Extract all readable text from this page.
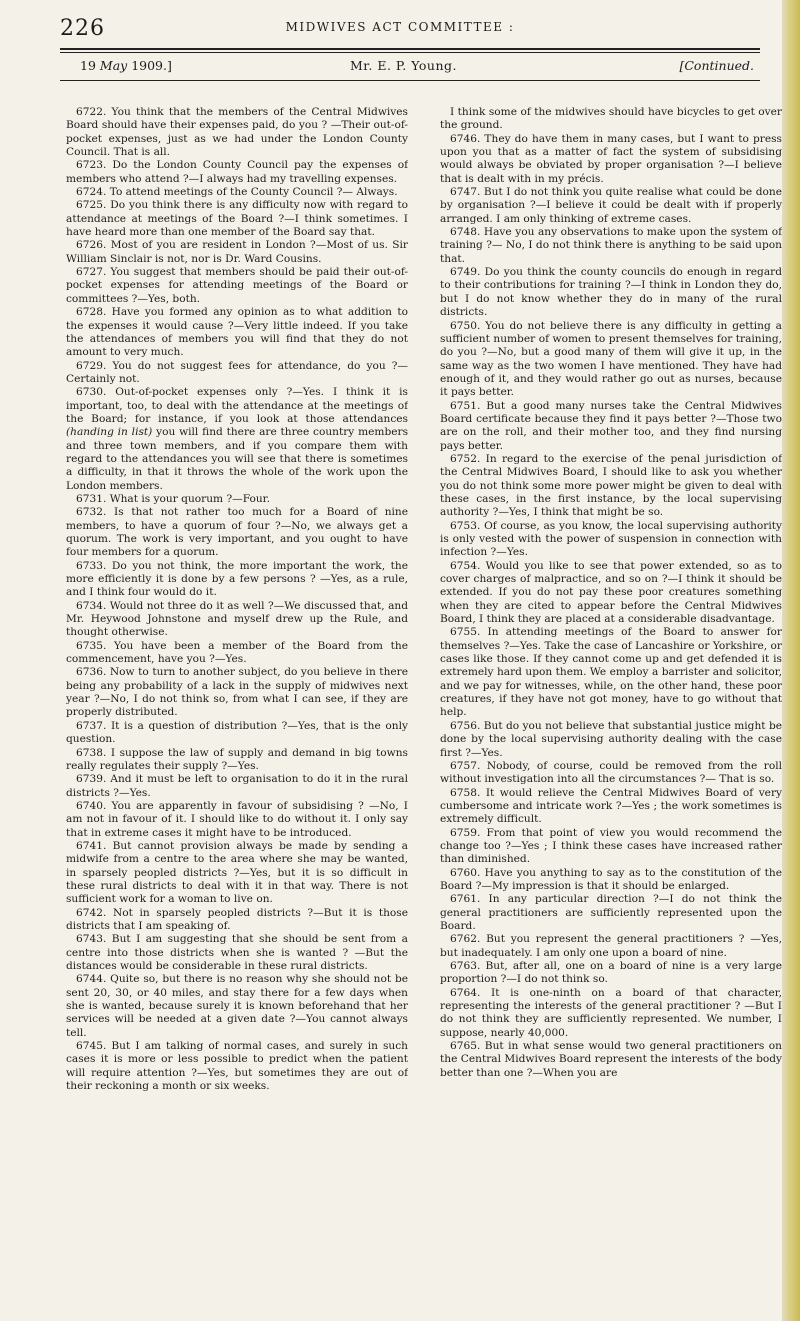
226	MIDWIVES ACT COMMITTEE :
19 May 1909.]	Mr. E. P. Young.	[Continued.

6722. You think that the members of the Central Midwives Board should have their expenses paid, do you ? —Their out-of-pocket expenses, just as we had under the London County Council. That is all.

6723. Do the London County Council pay the expenses of members who attend ?—I always had my travelling expenses.

6724. To attend meetings of the County Council ?— Always.

6725. Do you think there is any difficulty now with regard to attendance at meetings of the Board ?—I think sometimes. I have heard more than one member of the Board say that.

6726. Most of you are resident in London ?—Most of us. Sir William Sinclair is not, nor is Dr. Ward Cousins.

6727. You suggest that members should be paid their out-of-pocket expenses for attending meetings of the Board or committees ?—Yes, both.

6728. Have you formed any opinion as to what addition to the expenses it would cause ?—Very little indeed. If you take the attendances of members you will find that they do not amount to very much.

6729. You do not suggest fees for attendance, do you ?—Certainly not.

6730. Out-of-pocket expenses only ?—Yes. I think it is important, too, to deal with the attendance at the meetings of the Board; for instance, if you look at those attendances (handing in list) you will find there are three country members and three town members, and if you compare them with regard to the attendances you will see that there is sometimes a difficulty, in that it throws the whole of the work upon the London members.

6731. What is your quorum ?—Four.

6732. Is that not rather too much for a Board of nine members, to have a quorum of four ?—No, we always get a quorum. The work is very important, and you ought to have four members for a quorum.

6733. Do you not think, the more important the work, the more efficiently it is done by a few persons ? —Yes, as a rule, and I think four would do it.

6734. Would not three do it as well ?—We discussed that, and Mr. Heywood Johnstone and myself drew up the Rule, and thought otherwise.

6735. You have been a member of the Board from the commencement, have you ?—Yes.

6736. Now to turn to another subject, do you believe in there being any probability of a lack in the supply of midwives next year ?—No, I do not think so, from what I can see, if they are properly distributed.

6737. It is a question of distribution ?—Yes, that is the only question.

6738. I suppose the law of supply and demand in big towns really regulates their supply ?—Yes.

6739. And it must be left to organisation to do it in the rural districts ?—Yes.

6740. You are apparently in favour of subsidising ? —No, I am not in favour of it. I should like to do without it. I only say that in extreme cases it might have to be introduced.

6741. But cannot provision always be made by sending a midwife from a centre to the area where she may be wanted, in sparsely peopled districts ?—Yes, but it is so difficult in these rural districts to deal with it in that way. There is not sufficient work for a woman to live on.

6742. Not in sparsely peopled districts ?—But it is those districts that I am speaking of.

6743. But I am suggesting that she should be sent from a centre into those districts when she is wanted ? —But the distances would be considerable in these rural districts.

6744. Quite so, but there is no reason why she should not be sent 20, 30, or 40 miles, and stay there for a few days when she is wanted, because surely it is known beforehand that her services will be needed at a given date ?—You cannot always tell.

6745. But I am talking of normal cases, and surely in such cases it is more or less possible to predict when the patient will require attention ?—Yes, but sometimes they are out of their reckoning a month or six weeks.

I think some of the midwives should have bicycles to get over the ground.

6746. They do have them in many cases, but I want to press upon you that as a matter of fact the system of subsidising would always be obviated by proper organisation ?—I believe that is dealt with in my précis.

6747. But I do not think you quite realise what could be done by organisation ?—I believe it could be dealt with if properly arranged. I am only thinking of extreme cases.

6748. Have you any observations to make upon the system of training ?— No, I do not think there is anything to be said upon that.

6749. Do you think the county councils do enough in regard to their contributions for training ?—I think in London they do, but I do not know whether they do in many of the rural districts.

6750. You do not believe there is any difficulty in getting a sufficient number of women to present themselves for training, do you ?—No, but a good many of them will give it up, in the same way as the two women I have mentioned. They have had enough of it, and they would rather go out as nurses, because it pays better.

6751. But a good many nurses take the Central Midwives Board certificate because they find it pays better ?—Those two are on the roll, and their mother too, and they find nursing pays better.

6752. In regard to the exercise of the penal jurisdiction of the Central Midwives Board, I should like to ask you whether you do not think some more power might be given to deal with these cases, in the first instance, by the local supervising authority ?—Yes, I think that might be so.

6753. Of course, as you know, the local supervising authority is only vested with the power of suspension in connection with infection ?—Yes.

6754. Would you like to see that power extended, so as to cover charges of malpractice, and so on ?—I think it should be extended. If you do not pay these poor creatures something when they are cited to appear before the Central Midwives Board, I think they are placed at a considerable disadvantage.

6755. In attending meetings of the Board to answer for themselves ?—Yes. Take the case of Lancashire or Yorkshire, or cases like those. If they cannot come up and get defended it is extremely hard upon them. We employ a barrister and solicitor, and we pay for witnesses, while, on the other hand, these poor creatures, if they have not got money, have to go without that help.

6756. But do you not believe that substantial justice might be done by the local supervising authority dealing with the case first ?—Yes.

6757. Nobody, of course, could be removed from the roll without investigation into all the circumstances ?— That is so.

6758. It would relieve the Central Midwives Board of very cumbersome and intricate work ?—Yes ; the work sometimes is extremely difficult.

6759. From that point of view you would recommend the change too ?—Yes ; I think these cases have increased rather than diminished.

6760. Have you anything to say as to the constitution of the Board ?—My impression is that it should be enlarged.

6761. In any particular direction ?—I do not think the general practitioners are sufficiently represented upon the Board.

6762. But you represent the general practitioners ? —Yes, but inadequately. I am only one upon a board of nine.

6763. But, after all, one on a board of nine is a very large proportion ?—I do not think so.

6764. It is one-ninth on a board of that character, representing the interests of the general practitioner ? —But I do not think they are sufficiently represented. We number, I suppose, nearly 40,000.

6765. But in what sense would two general practitioners on the Central Midwives Board represent the interests of the body better than one ?—When you are
